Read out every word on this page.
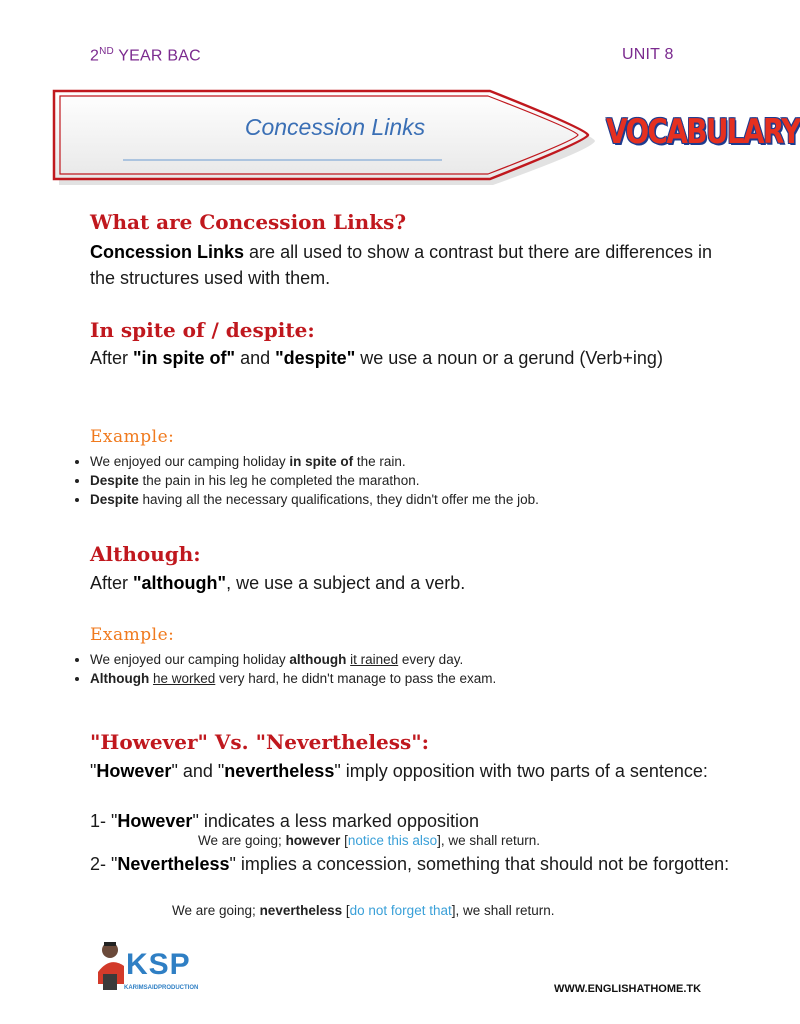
2ND YEAR BAC	UNIT 8
Concession Links	VOCABULARY
What are Concession Links?
Concession Links are all used to show a contrast but there are differences in the structures used with them.
In spite of / despite:
After "in spite of" and "despite" we use a noun or a gerund (Verb+ing)
Example:
• We enjoyed our camping holiday in spite of the rain.
• Despite the pain in his leg he completed the marathon.
• Despite having all the necessary qualifications, they didn't offer me the job.
Although:
After "although", we use a subject and a verb.
Example:
• We enjoyed our camping holiday although it rained every day.
• Although he worked very hard, he didn't manage to pass the exam.
"However" Vs. "Nevertheless":
"However" and "nevertheless" imply opposition with two parts of a sentence:
1- "However" indicates a less marked opposition
We are going; however [notice this also], we shall return.
2- "Nevertheless" implies a concession, something that should not be forgotten:
We are going; nevertheless [do not forget that], we shall return.
KSP
KARIMSAIDPRODUCTION	WWW.ENGLISHATHOME.TK
